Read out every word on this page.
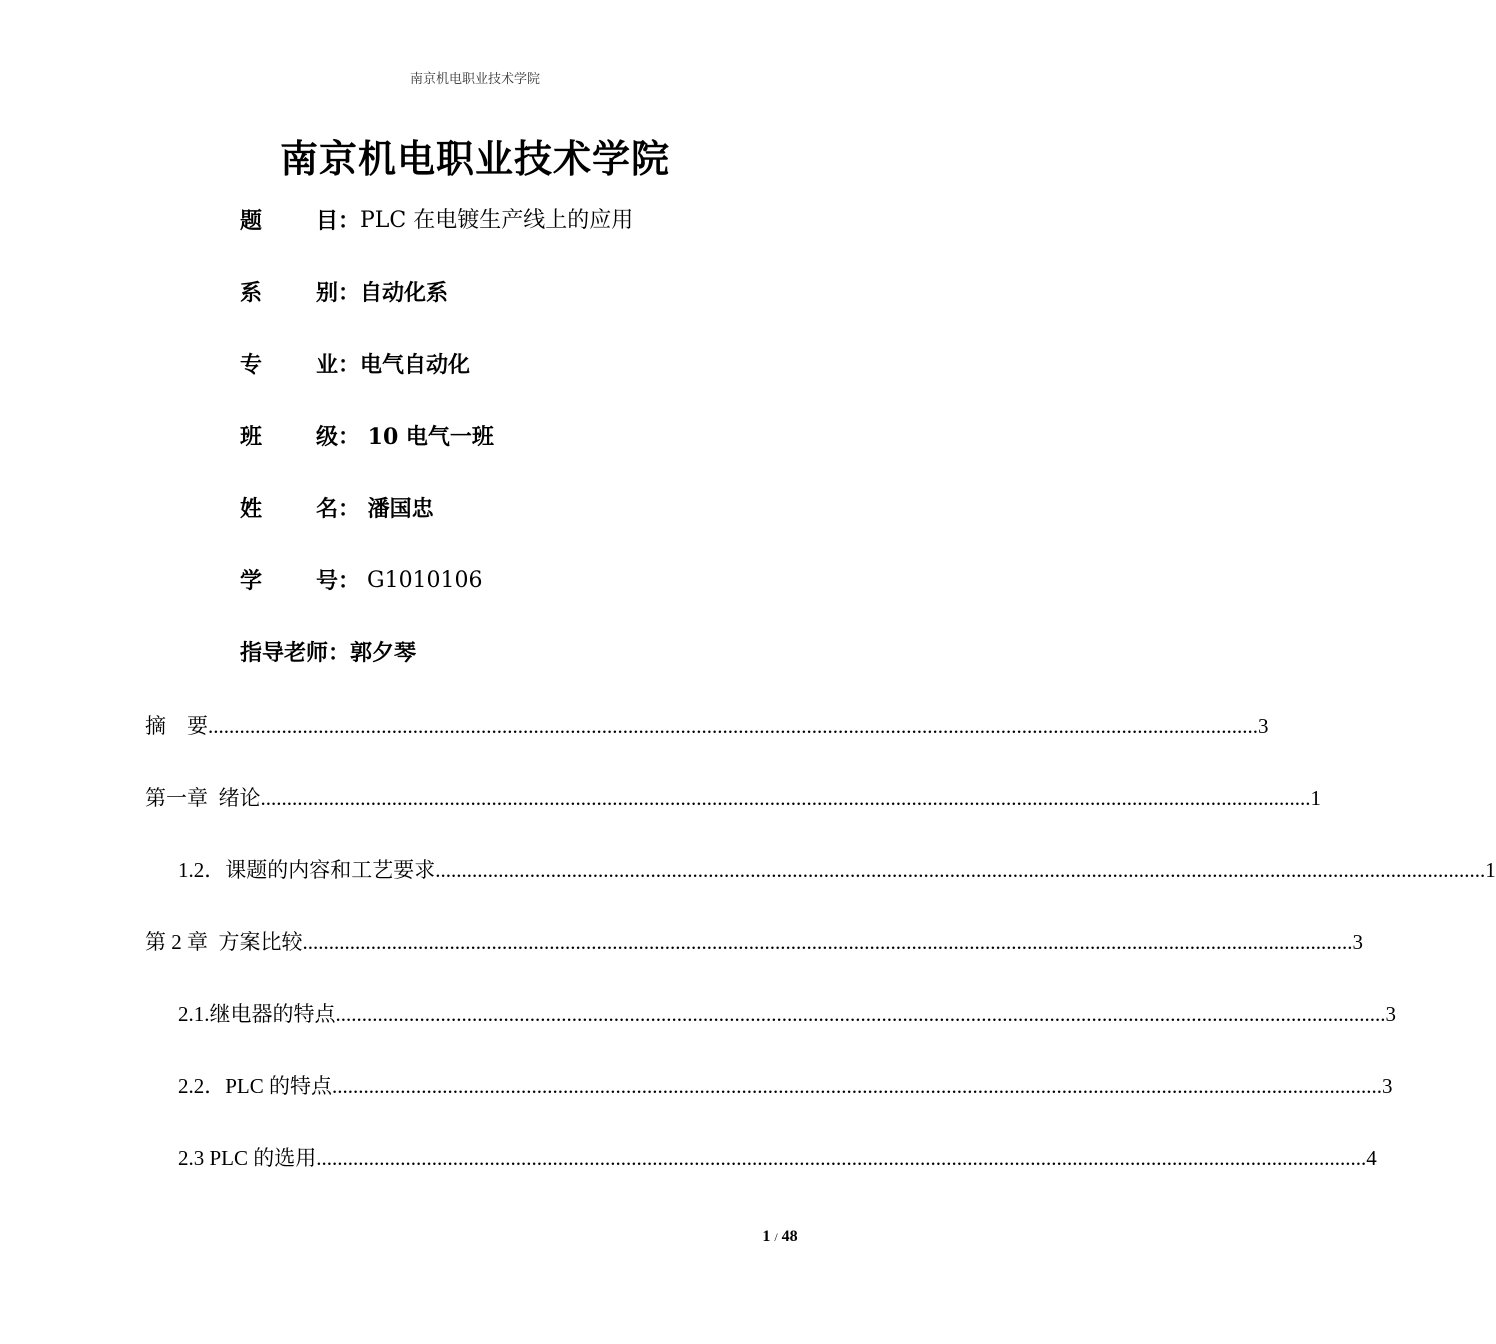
南京机电职业技术学院
南京机电职业技术学院
题 目： PLC 在电镀生产线上的应用
系 别： 自动化系
专 业： 电气自动化
班 级： 10 电气一班
姓 名： 潘国忠
学 号： G1010106
指导老师： 郭夕琴
摘    要 ........................................................................................................................................................................................................ 3
第一章  绪论 ........................................................................................................................................................................................................ 1
1.2．课题的内容和工艺要求 ........................................................................................................................................................................................................ 1
第 2 章  方案比较 ........................................................................................................................................................................................................ 3
2.1.继电器的特点 ........................................................................................................................................................................................................ 3
2.2．PLC 的特点 ........................................................................................................................................................................................................ 3
2.3 PLC 的选用 ........................................................................................................................................................................................................ 4
1 / 48
